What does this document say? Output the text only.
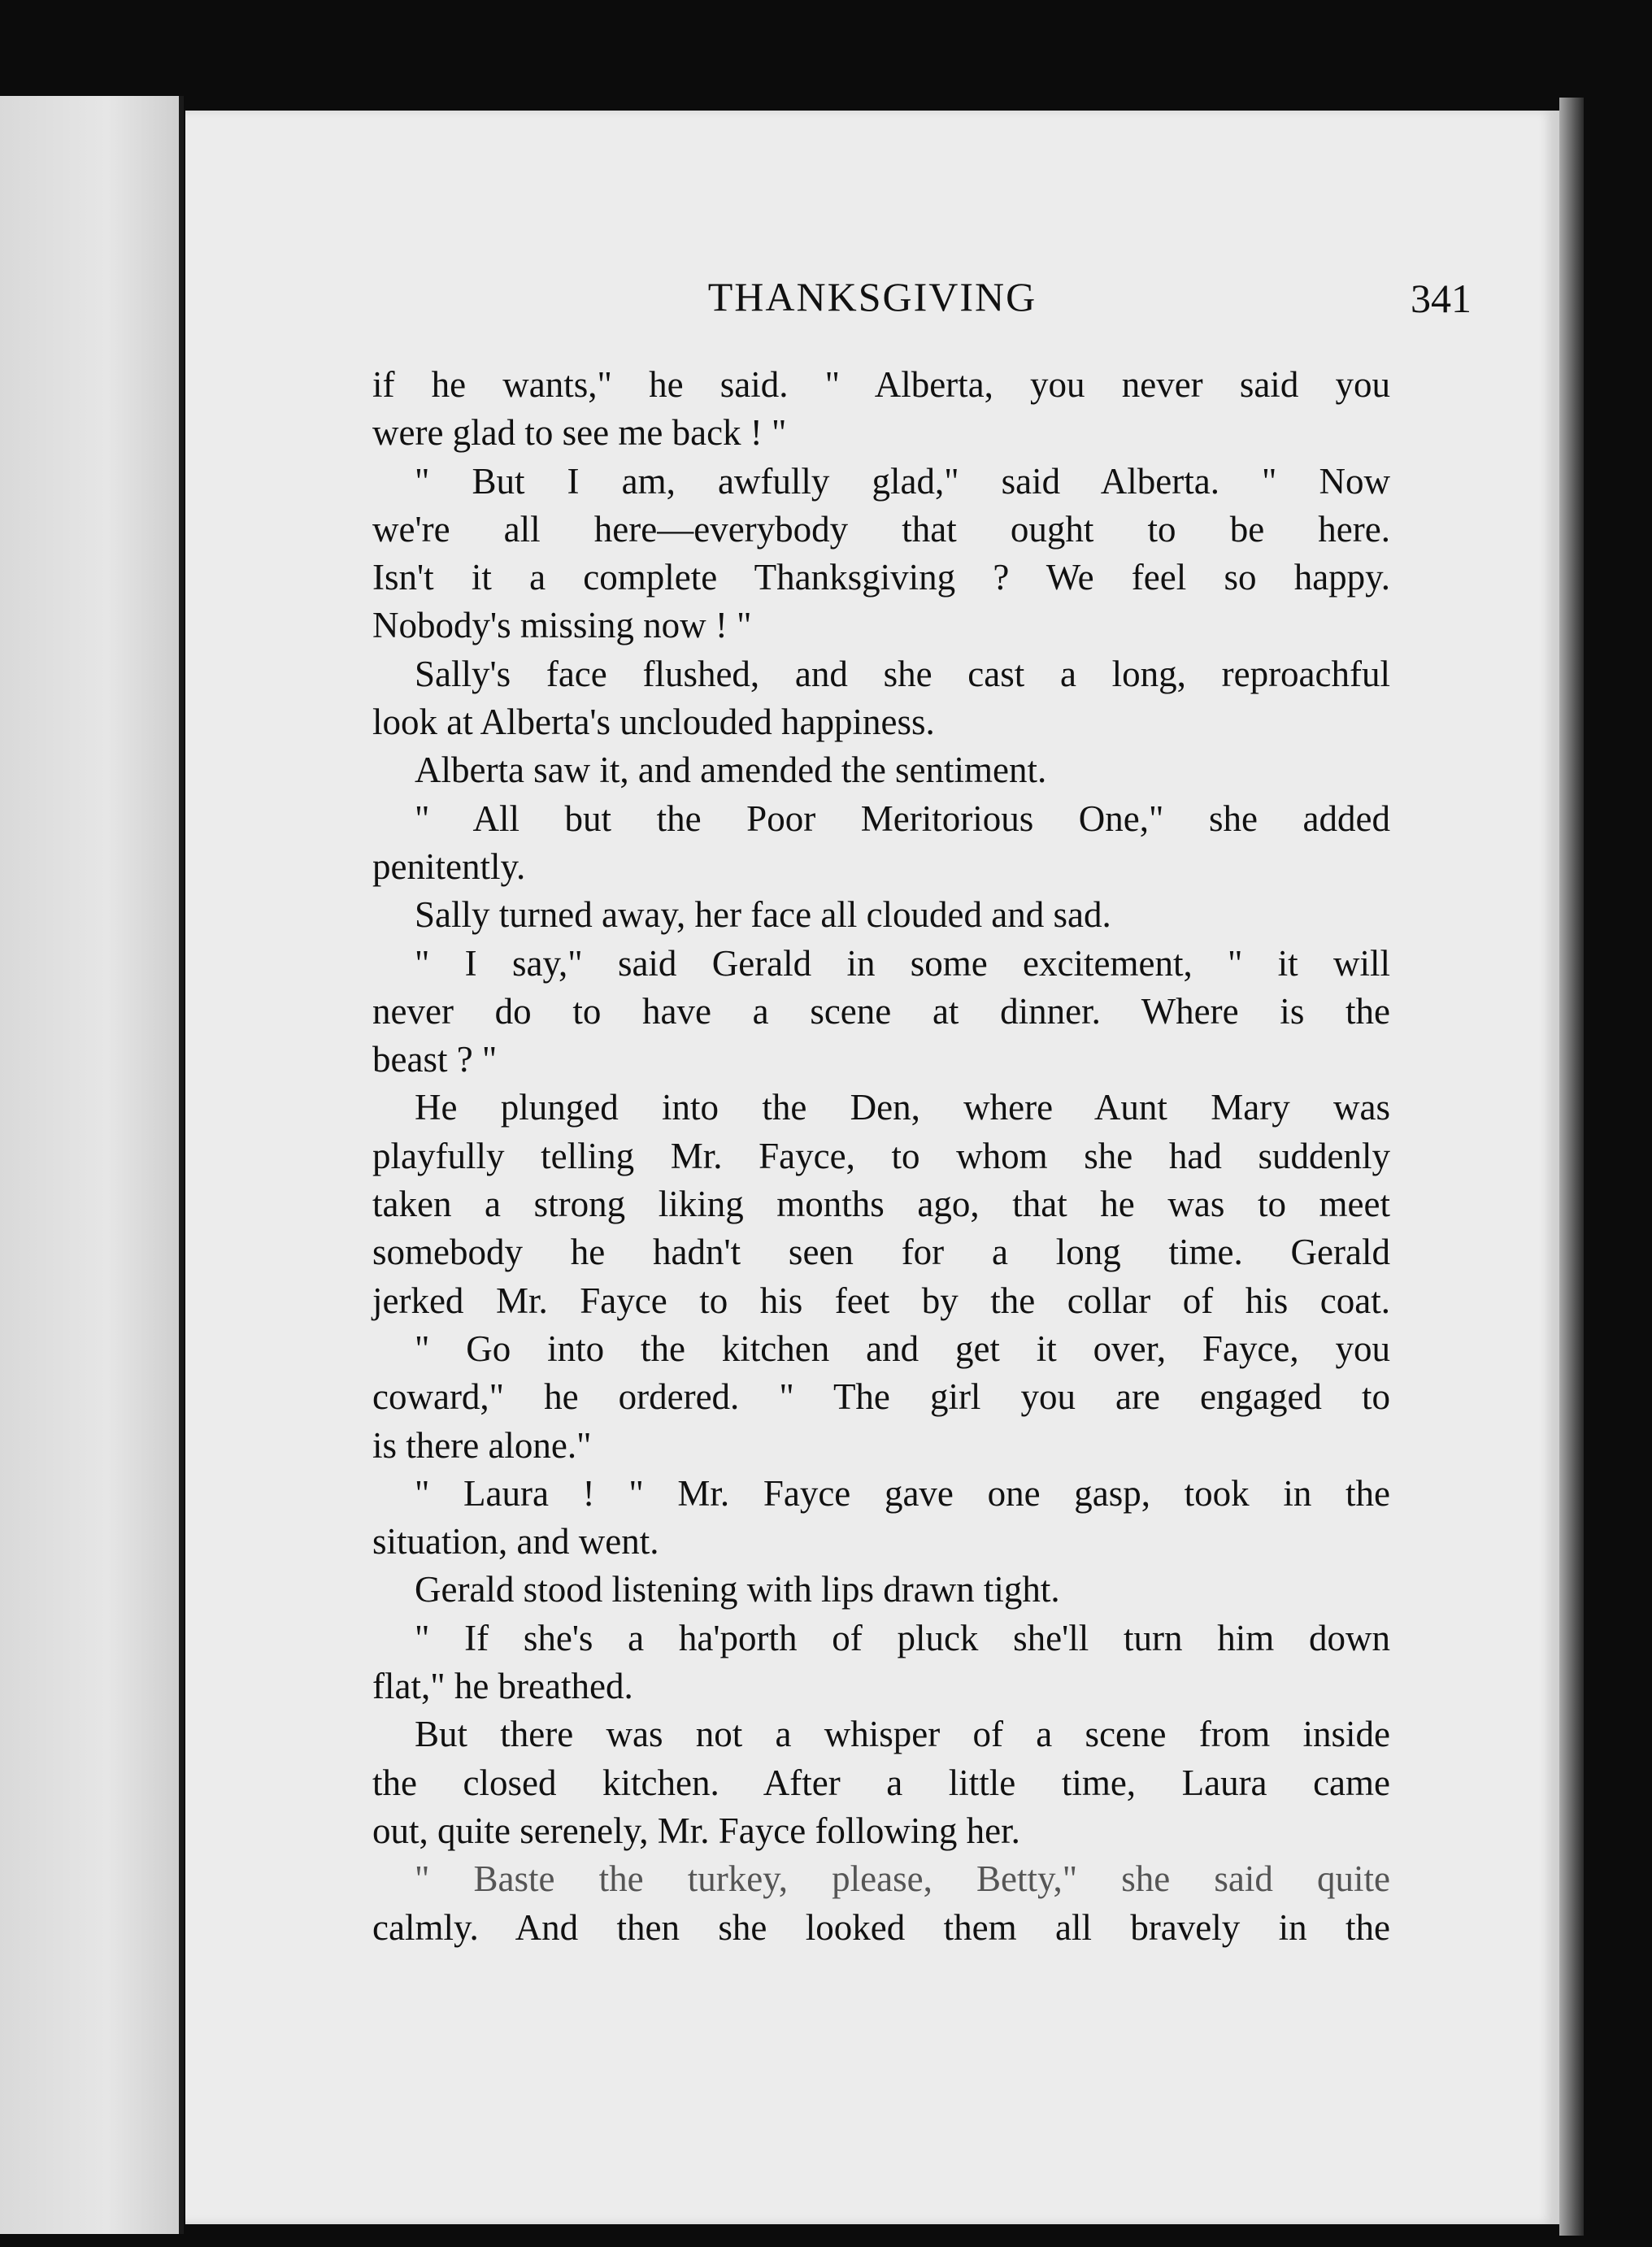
THANKSGIVING	341
if he wants," he said. " Alberta, you never said you
were glad to see me back ! "
" But I am, awfully glad," said Alberta. " Now
we're all here—everybody that ought to be here.
Isn't it a complete Thanksgiving ? We feel so happy.
Nobody's missing now ! "
Sally's face flushed, and she cast a long, reproachful
look at Alberta's unclouded happiness.
Alberta saw it, and amended the sentiment.
" All but the Poor Meritorious One," she added
penitently.
Sally turned away, her face all clouded and sad.
" I say," said Gerald in some excitement, " it will
never do to have a scene at dinner. Where is the
beast ? "
He plunged into the Den, where Aunt Mary was
playfully telling Mr. Fayce, to whom she had suddenly
taken a strong liking months ago, that he was to meet
somebody he hadn't seen for a long time. Gerald
jerked Mr. Fayce to his feet by the collar of his coat.
" Go into the kitchen and get it over, Fayce, you
coward," he ordered. " The girl you are engaged to
is there alone."
" Laura ! " Mr. Fayce gave one gasp, took in the
situation, and went.
Gerald stood listening with lips drawn tight.
" If she's a ha'porth of pluck she'll turn him down
flat," he breathed.
But there was not a whisper of a scene from inside
the closed kitchen. After a little time, Laura came
out, quite serenely, Mr. Fayce following her.
" Baste the turkey, please, Betty," she said quite
calmly. And then she looked them all bravely in the
